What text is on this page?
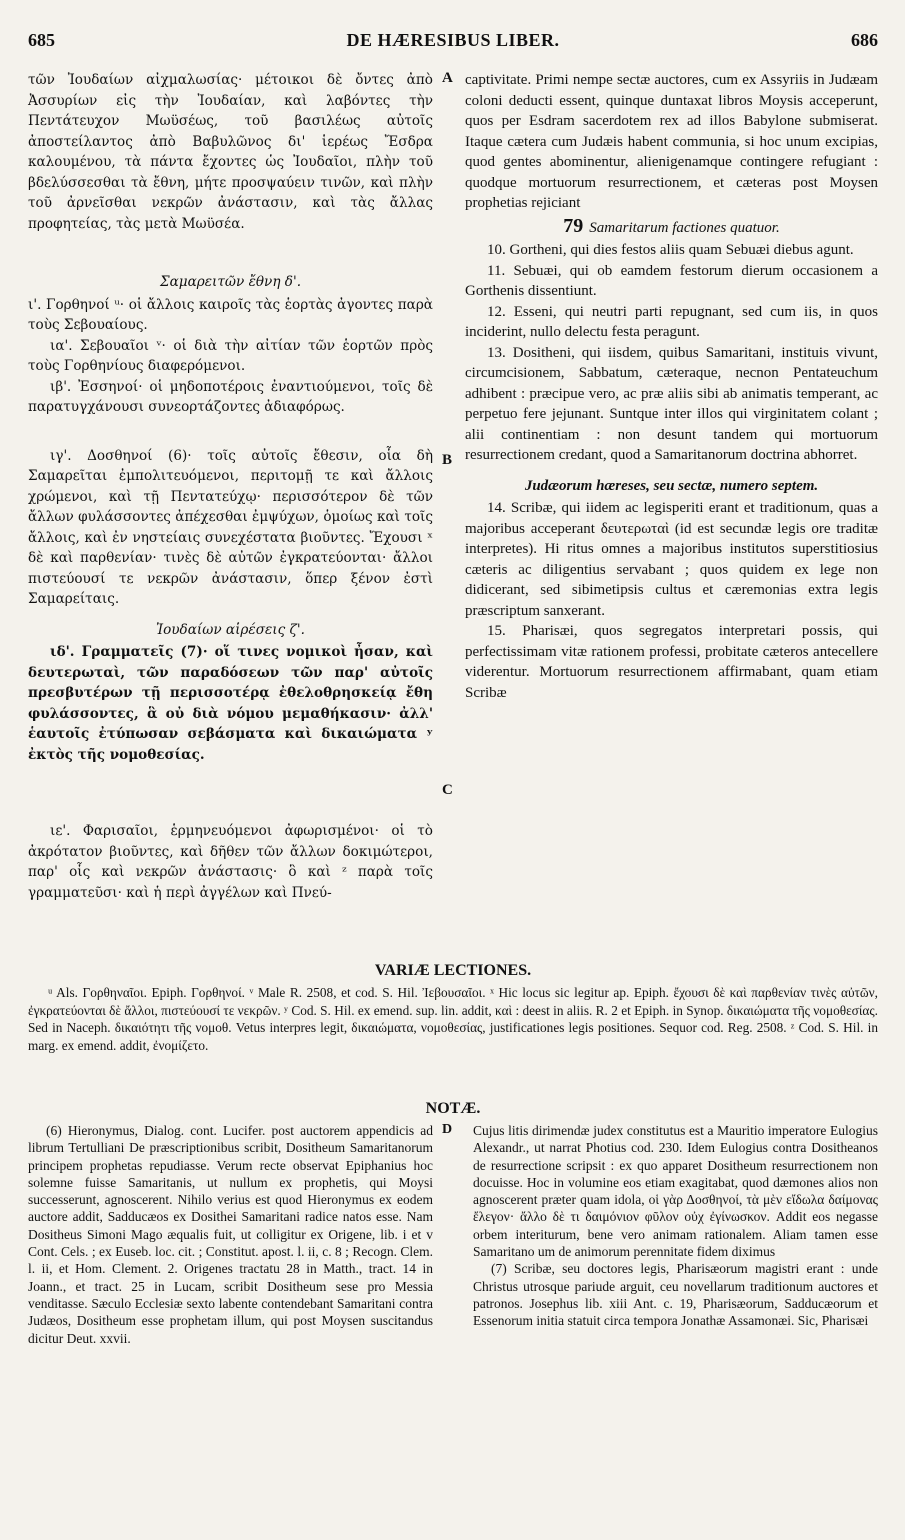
685	DE HÆRESIBUS LIBER.	686
A
B
C

τῶν Ἰουδαίων αἰχμαλωσίας· μέτοικοι δὲ ὄντες ἀπὸ Ἀσσυρίων εἰς τὴν Ἰουδαίαν, καὶ λαβόντες τὴν Πεντάτευχον Μωϋσέως, τοῦ βασιλέως αὐτοῖς ἀποστείλαντος ἀπὸ Βαβυλῶνος δι' ἱερέως Ἔσδρα καλουμένου, τὰ πάντα ἔχοντες ὡς Ἰουδαῖοι, πλὴν τοῦ βδελύσσεσθαι τὰ ἔθνη, μήτε προσψαύειν τινῶν, καὶ πλὴν τοῦ ἀρνεῖσθαι νεκρῶν ἀνάστασιν, καὶ τὰς ἄλλας προφητείας, τὰς μετὰ Μωϋσέα.

Σαμαρειτῶν ἔθνη δ'.

ι'. Γορθηνοί ᵘ· οἱ ἄλλοις καιροῖς τὰς ἑορτὰς ἀγοντες παρὰ τοὺς Σεβουαίους.

ια'. Σεβουαῖοι ᵛ· οἱ διὰ τὴν αἰτίαν τῶν ἑορτῶν πρὸς τοὺς Γορθηνίους διαφερόμενοι.

ιβ'. Ἐσσηνοί· οἱ μηδοποτέροις ἐναντιούμενοι, τοῖς δὲ παρατυγχάνουσι συνεορτάζοντες ἀδιαφόρως.

ιγ'. Δοσθηνοί (6)· τοῖς αὐτοῖς ἔθεσιν, οἷα δὴ Σαμαρεῖται ἐμπολιτευόμενοι, περιτομῇ τε καὶ ἄλλοις χρώμενοι, καὶ τῇ Πεντατεύχῳ· περισσότερον δὲ τῶν ἄλλων φυλάσσοντες ἀπέχεσθαι ἐμψύχων, ὁμοίως καὶ τοῖς ἄλλοις, καὶ ἐν νηστείαις συνεχέστατα βιοῦντες. Ἔχουσι ˣ δὲ καὶ παρθενίαν· τινὲς δὲ αὐτῶν ἐγκρατεύονται· ἄλλοι πιστεύουσί τε νεκρῶν ἀνάστασιν, ὅπερ ξένον ἐστὶ Σαμαρείταις.

Ἰουδαίων αἱρέσεις ζ'.

ιδ'. Γραμματεῖς (7)· οἵ τινες νομικοὶ ἦσαν, καὶ δευτερωταὶ, τῶν παραδόσεων τῶν παρ' αὐτοῖς πρεσβυτέρων τῇ περισσοτέρᾳ ἐθελοθρησκείᾳ ἔθη φυλάσσοντες, ἃ οὐ διὰ νόμου μεμαθήκασιν· ἀλλ' ἑαυτοῖς ἐτύπωσαν σεβάσματα καὶ δικαιώματα ʸ ἐκτὸς τῆς νομοθεσίας.

ιε'. Φαρισαῖοι, ἑρμηνευόμενοι ἀφωρισμένοι· οἱ τὸ ἀκρότατον βιοῦντες, καὶ δῆθεν τῶν ἄλλων δοκιμώτεροι, παρ' οἷς καὶ νεκρῶν ἀνάστασις· ὃ καὶ ᶻ παρὰ τοῖς γραμματεῦσι· καὶ ἡ περὶ ἀγγέλων καὶ Πνεύ-

captivitate. Primi nempe sectæ auctores, cum ex Assyriis in Judæam coloni deducti essent, quinque duntaxat libros Moysis acceperunt, quos per Esdram sacerdotem rex ad illos Babylone submiserat. Itaque cætera cum Judæis habent communia, si hoc unum excipias, quod gentes abominentur, alienigenamque contingere refugiant : quodque mortuorum resurrectionem, et cæteras post Moysen prophetias rejiciant

79 Samaritarum factiones quatuor.

10. Gortheni, qui dies festos aliis quam Sebuæi diebus agunt.

11. Sebuæi, qui ob eamdem festorum dierum occasionem a Gorthenis dissentiunt.

12. Esseni, qui neutri parti repugnant, sed cum iis, in quos inciderint, nullo delectu festa peragunt.

13. Dositheni, qui iisdem, quibus Samaritani, instituis vivunt, circumcisionem, Sabbatum, cæteraque, necnon Pentateuchum adhibent : præcipue vero, ac præ aliis sibi ab animatis temperant, ac perpetuo fere jejunant. Suntque inter illos qui virginitatem colant ; alii continentiam : non desunt tandem qui mortuorum resurrectionem credant, quod a Samaritanorum doctrina abhorret.

Judæorum hæreses, seu sectæ, numero septem.

14. Scribæ, qui iidem ac legisperiti erant et traditionum, quas a majoribus acceperant δευτερωταὶ (id est secundæ legis ore traditæ interpretes). Hi ritus omnes a majoribus institutos superstitiosius cæteris ac diligentius servabant ; quos quidem ex lege non didicerant, sed sibimetipsis cultus et cæremonias extra legis præscriptum sanxerant.

15. Pharisæi, quos segregatos interpretari possis, qui perfectissimam vitæ rationem professi, probitate cæteros antecellere viderentur. Mortuorum resurrectionem affirmabant, quam etiam Scribæ

VARIÆ LECTIONES.

ᵘ Als. Γορθηναῖοι. Epiph. Γορθηνοί. ᵛ Male R. 2508, et cod. S. Hil. Ἰεβουσαῖοι. ˣ Hic locus sic legitur ap. Epiph. ἔχουσι δὲ καὶ παρθενίαν τινὲς αὐτῶν, ἐγκρατεύονται δὲ ἄλλοι, πιστεύουσί τε νεκρῶν. ʸ Cod. S. Hil. ex emend. sup. lin. addit, καὶ : deest in aliis. R. 2 et Epiph. in Synop. δικαιώματα τῆς νομοθεσίας. Sed in Naceph. δικαιότητι τῆς νομοθ. Vetus interpres legit, δικαιώματα, νομοθεσίας, justificationes legis positiones. Sequor cod. Reg. 2508. ᶻ Cod. S. Hil. in marg. ex emend. addit, ἐνομίζετο.

NOTÆ.

D

(6) Hieronymus, Dialog. cont. Lucifer. post auctorem appendicis ad librum Tertulliani De præscriptionibus scribit, Dositheum Samaritanorum principem prophetas repudiasse. Verum recte observat Epiphanius hoc solemne fuisse Samaritanis, ut nullum ex prophetis, qui Moysi successerunt, agnoscerent. Nihilo verius est quod Hieronymus ex eodem auctore addit, Sadducæos ex Dosithei Samaritani radice natos esse. Nam Dositheus Simoni Mago æqualis fuit, ut colligitur ex Origene, lib. i et v Cont. Cels. ; ex Euseb. loc. cit. ; Constitut. apost. l. ii, c. 8 ; Recogn. Clem. l. ii, et Hom. Clement. 2. Origenes tractatu 28 in Matth., tract. 14 in Joann., et tract. 25 in Lucam, scribit Dositheum sese pro Messia venditasse. Sæculo Ecclesiæ sexto labente contendebant Samaritani contra Judæos, Dositheum esse prophetam illum, qui post Moysen suscitandus dicitur Deut. xxvii.

Cujus litis dirimendæ judex constitutus est a Mauritio imperatore Eulogius Alexandr., ut narrat Photius cod. 230. Idem Eulogius contra Dositheanos de resurrectione scripsit : ex quo apparet Dositheum resurrectionem non docuisse. Hoc in volumine eos etiam exagitabat, quod dæmones alios non agnoscerent præter quam idola, οἱ γὰρ Δοσθηνοί, τὰ μὲν εἴδωλα δαίμονας ἔλεγον· ἄλλο δὲ τι δαιμόνιον φῦλον οὐχ ἐγίνωσκον. Addit eos negasse orbem interiturum, bene vero animam rationalem. Aliam tamen esse Samaritano um de animorum perennitate fidem diximus

(7) Scribæ, seu doctores legis, Pharisæorum magistri erant : unde Christus utrosque pariude arguit, ceu novellarum traditionum auctores et patronos. Josephus lib. xiii Ant. c. 19, Pharisæorum, Sadducæorum et Essenorum initia statuit circa tempora Jonathæ Assamonæi. Sic, Pharisæi
